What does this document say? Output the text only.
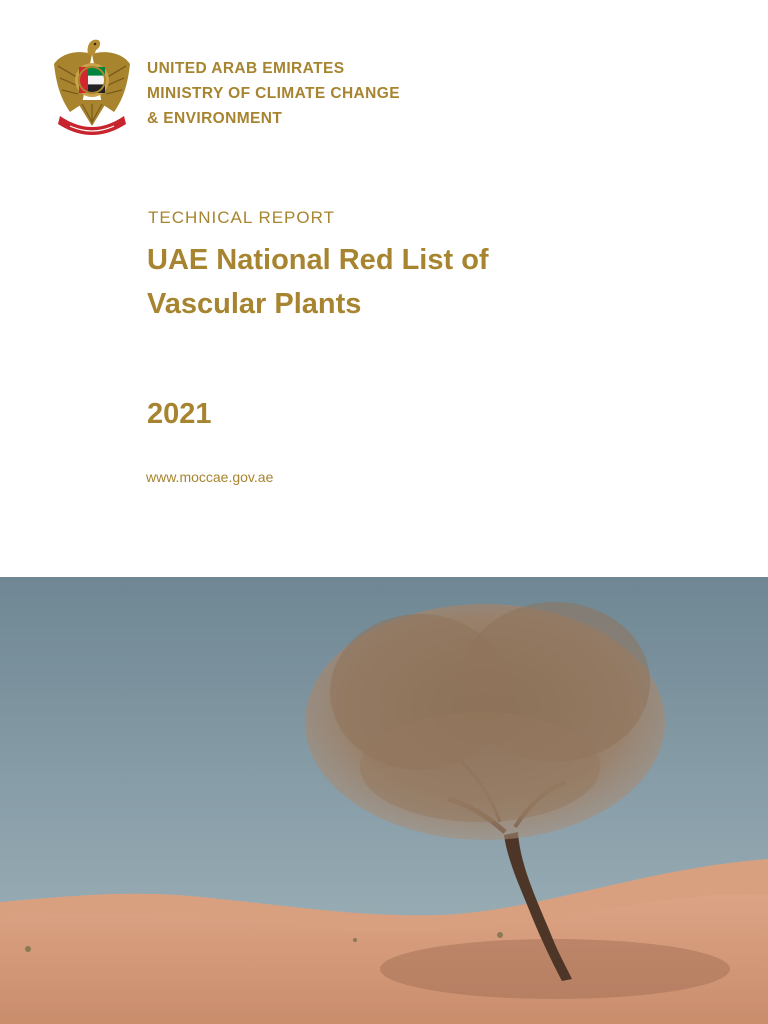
UNITED ARAB EMIRATES
MINISTRY OF CLIMATE CHANGE
& ENVIRONMENT
TECHNICAL REPORT
UAE National Red List of
Vascular Plants
2021
www.moccae.gov.ae
